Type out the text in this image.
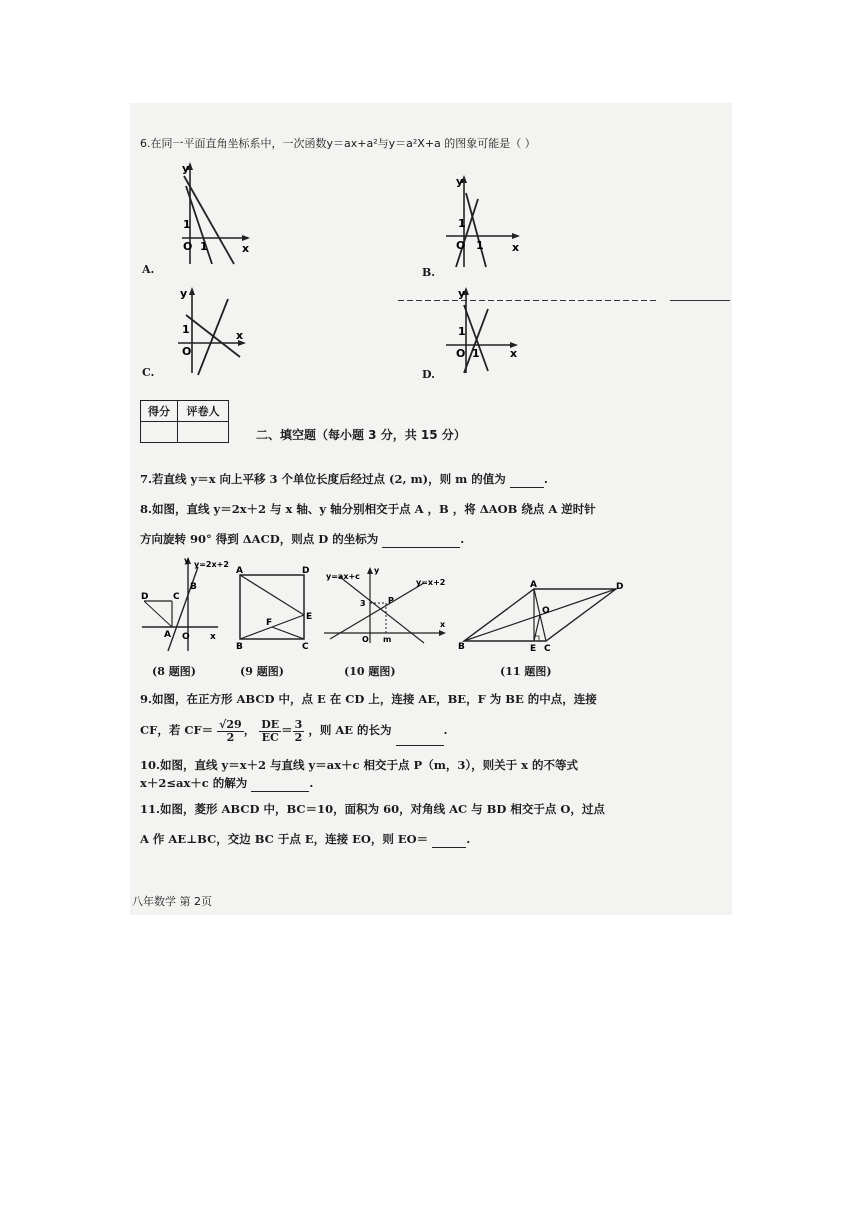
6.在同一平面直角坐标系中，一次函数y＝ax+a²与y＝a²X+a 的图象可能是（ ）
y
x
O
1
1
A.
y
x
O
1
1
B.
y
x
O
1
C.
y
x
O
1
1
D.
得分	评卷人

二、填空题（每小题 3 分，共 15 分）
7.若直线 y＝x 向上平移 3 个单位长度后经过点 (2, m)，则 m 的值为	.
8.如图，直线 y＝2x＋2 与 x 轴、y 轴分别相交于点 A ，B ，将 ΔAOB 绕点 A 逆时针
方向旋转 90° 得到 ΔACD，则点 D 的坐标为	.
y=2x+2
y
D	C
B
A O x
(8 题图)
A	D
E
F
B	C
(9 题图)
y=ax+c
y=x+2
3	P
O m
x
y
(10 题图)
A	D
O
B	E C
(11 题图)
9.如图，在正方形 ABCD 中，点 E 在 CD 上，连接 AE，BE，F 为 BE 的中点，连接
CF，若 $CF= \frac{√29}{2}$ ， $\frac{DE}{EC} = \frac{3}{2}$ ，则 AE 的长为	.
10.如图，直线 y＝x＋2 与直线 y＝ax＋c 相交于点 P（m，3），则关于 x 的不等式
x＋2≤ax＋c 的解为	.
11.如图，菱形 ABCD 中，BC＝10，面积为 60，对角线 AC 与 BD 相交于点 O，过点
A 作 AE⊥BC，交边 BC 于点 E，连接 EO，则 EO＝	.
八年数学 第 2页
